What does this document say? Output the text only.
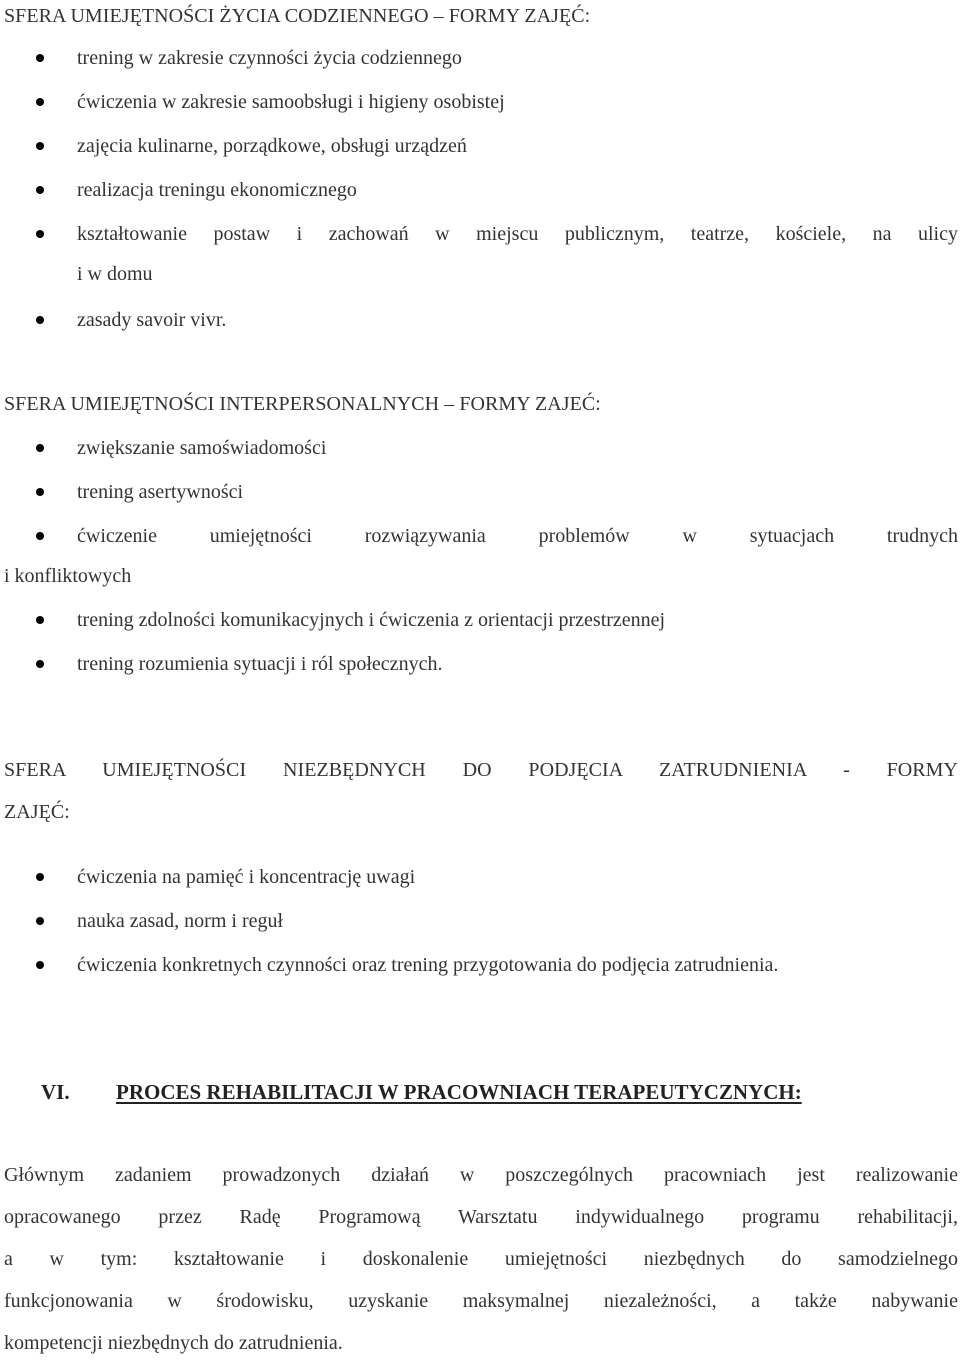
SFERA UMIEJĘTNOŚCI ŻYCIA CODZIENNEGO – FORMY ZAJĘĆ:
trening w zakresie czynności życia codziennego
ćwiczenia w zakresie samoobsługi i higieny osobistej
zajęcia kulinarne, porządkowe, obsługi urządzeń
realizacja treningu ekonomicznego
kształtowanie postaw i zachowań w miejscu publicznym, teatrze, kościele, na ulicy
i w domu
zasady savoir vivr.
SFERA UMIEJĘTNOŚCI INTERPERSONALNYCH – FORMY ZAJEĆ:
zwiększanie samoświadomości
trening asertywności
ćwiczenie umiejętności rozwiązywania problemów w sytuacjach trudnych
i konfliktowych
trening zdolności komunikacyjnych i ćwiczenia z orientacji przestrzennej
trening rozumienia sytuacji i ról społecznych.
SFERA UMIEJĘTNOŚCI NIEZBĘDNYCH DO PODJĘCIA ZATRUDNIENIA - FORMY
ZAJĘĆ:
ćwiczenia na pamięć i koncentrację uwagi
nauka zasad, norm i reguł
ćwiczenia konkretnych czynności oraz trening przygotowania do podjęcia zatrudnienia.
VI. PROCES REHABILITACJI W PRACOWNIACH TERAPEUTYCZNYCH:

Głównym zadaniem prowadzonych działań w poszczególnych pracowniach jest realizowanie
opracowanego przez Radę Programową Warsztatu indywidualnego programu rehabilitacji,
a w tym: kształtowanie i doskonalenie umiejętności niezbędnych do samodzielnego
funkcjonowania w środowisku, uzyskanie maksymalnej niezależności, a także nabywanie
kompetencji niezbędnych do zatrudnienia.
